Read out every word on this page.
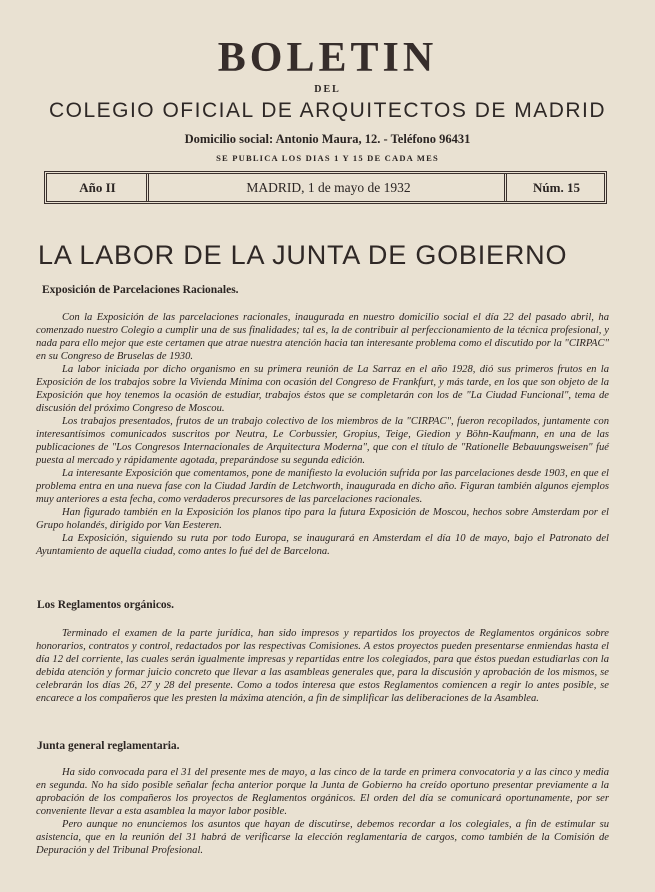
BOLETIN
DEL
COLEGIO OFICIAL DE ARQUITECTOS DE MADRID
Domicilio social: Antonio Maura, 12. - Teléfono 96431
SE PUBLICA LOS DIAS 1 Y 15 DE CADA MES
Año II	MADRID, 1 de mayo de 1932	Núm. 15
LA LABOR DE LA JUNTA DE GOBIERNO
Exposición de Parcelaciones Racionales.

Con la Exposición de las parcelaciones racionales, inaugurada en nuestro domicilio social el día 22 del pasado abril, ha comenzado nuestro Colegio a cumplir una de sus finalidades; tal es, la de contribuir al perfeccionamiento de la técnica profesional, y nada para ello mejor que este certamen que atrae nuestra atención hacia tan interesante problema como el discutido por la "CIRPAC" en su Congreso de Bruselas de 1930.

La labor iniciada por dicho organismo en su primera reunión de La Sarraz en el año 1928, dió sus primeros frutos en la Exposición de los trabajos sobre la Vivienda Mínima con ocasión del Congreso de Frankfurt, y más tarde, en los que son objeto de la Exposición que hoy tenemos la ocasión de estudiar, trabajos éstos que se completarán con los de "La Ciudad Funcional", tema de discusión del próximo Congreso de Moscou.

Los trabajos presentados, frutos de un trabajo colectivo de los miembros de la "CIRPAC", fueron recopilados, juntamente con interesantísimos comunicados suscritos por Neutra, Le Corbussier, Gropius, Teige, Giedion y Böhn-Kaufmann, en una de las publicaciones de "Los Congresos Internacionales de Arquitectura Moderna", que con el título de "Rationelle Bebauungsweisen" fué puesta al mercado y rápidamente agotada, preparándose su segunda edición.

La interesante Exposición que comentamos, pone de manifiesto la evolución sufrida por las parcelaciones desde 1903, en que el problema entra en una nueva fase con la Ciudad Jardín de Letchworth, inaugurada en dicho año. Figuran también algunos ejemplos muy anteriores a esta fecha, como verdaderos precursores de las parcelaciones racionales.

Han figurado también en la Exposición los planos tipo para la futura Exposición de Moscou, hechos sobre Amsterdam por el Grupo holandés, dirigido por Van Eesteren.

La Exposición, siguiendo su ruta por todo Europa, se inaugurará en Amsterdam el día 10 de mayo, bajo el Patronato del Ayuntamiento de aquella ciudad, como antes lo fué del de Barcelona.

Los Reglamentos orgánicos.

Terminado el examen de la parte jurídica, han sido impresos y repartidos los proyectos de Reglamentos orgánicos sobre honorarios, contratos y control, redactados por las respectivas Comisiones. A estos proyectos pueden presentarse enmiendas hasta el día 12 del corriente, las cuales serán igualmente impresas y repartidas entre los colegiados, para que éstos puedan estudiarlas con la debida atención y formar juicio concreto que llevar a las asambleas generales que, para la discusión y aprobación de los mismos, se celebrarán los días 26, 27 y 28 del presente. Como a todos interesa que estos Reglamentos comiencen a regir lo antes posible, se encarece a los compañeros que les presten la máxima atención, a fin de simplificar las deliberaciones de la Asamblea.

Junta general reglamentaria.

Ha sido convocada para el 31 del presente mes de mayo, a las cinco de la tarde en primera convocatoria y a las cinco y media en segunda. No ha sido posible señalar fecha anterior porque la Junta de Gobierno ha creído oportuno presentar previamente a la aprobación de los compañeros los proyectos de Reglamentos orgánicos. El orden del día se comunicará oportunamente, por ser conveniente llevar a esta asamblea la mayor labor posible.

Pero aunque no enunciemos los asuntos que hayan de discutirse, debemos recordar a los colegiales, a fin de estimular su asistencia, que en la reunión del 31 habrá de verificarse la elección reglamentaria de cargos, como también de la Comisión de Depuración y del Tribunal Profesional.
